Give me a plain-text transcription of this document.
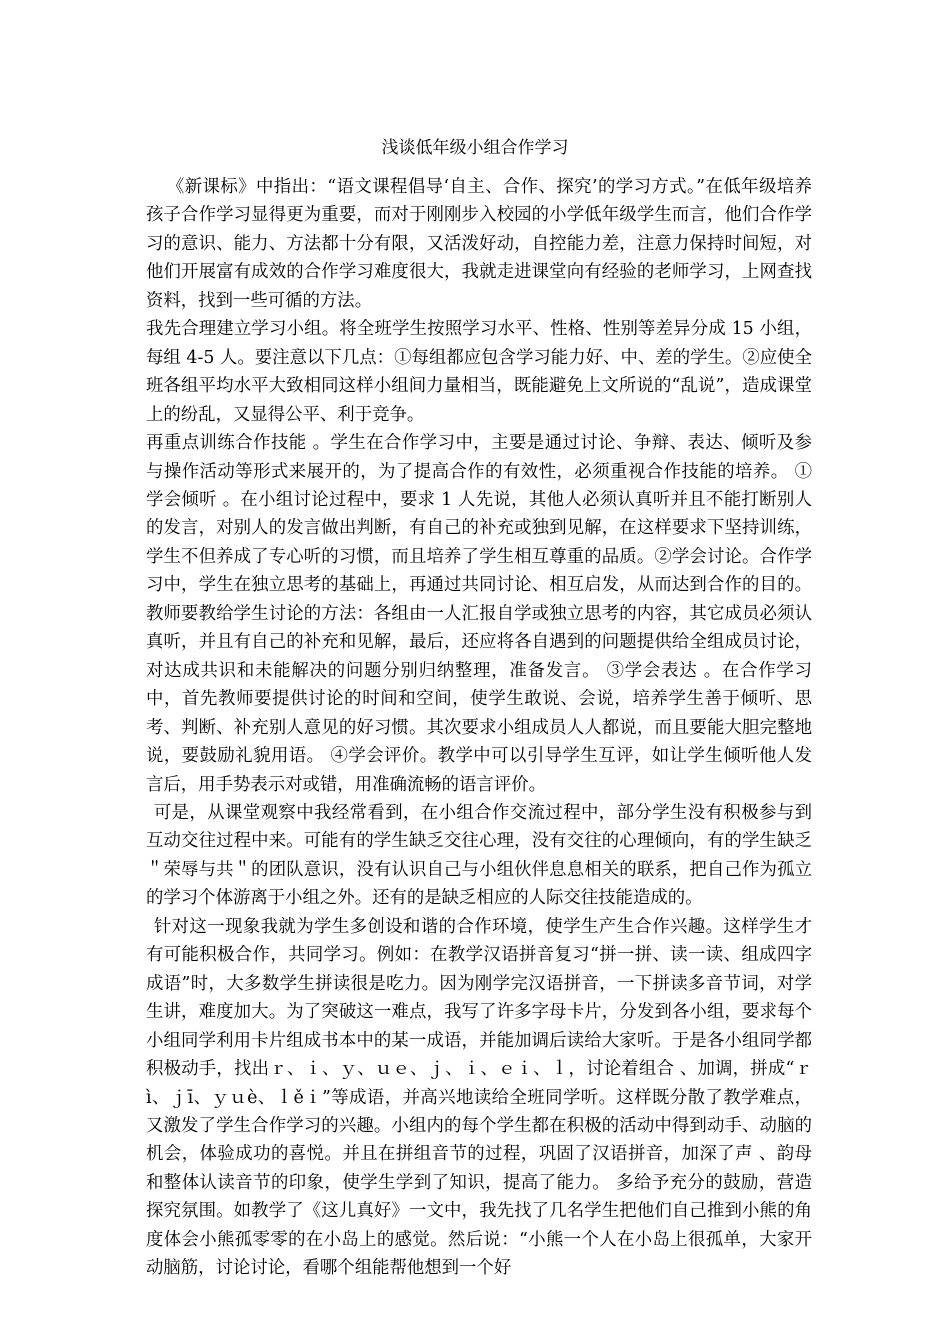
浅谈低年级小组合作学习

《新课标》中指出：“语文课程倡导‘自主、合作、探究’的学习方式。”在低年级培养孩子合作学习显得更为重要，而对于刚刚步入校园的小学低年级学生而言，他们合作学习的意识、能力、方法都十分有限，又活泼好动，自控能力差，注意力保持时间短，对他们开展富有成效的合作学习难度很大，我就走进课堂向有经验的老师学习，上网查找资料，找到一些可循的方法。

我先合理建立学习小组。将全班学生按照学习水平、性格、性别等差异分成 15 小组，每组 4-5 人。要注意以下几点：①每组都应包含学习能力好、中、差的学生。②应使全班各组平均水平大致相同这样小组间力量相当，既能避免上文所说的“乱说”，造成课堂上的纷乱，又显得公平、利于竞争。

再重点训练合作技能 。学生在合作学习中，主要是通过讨论、争辩、表达、倾听及参与操作活动等形式来展开的，为了提高合作的有效性，必须重视合作技能的培养。 ①学会倾听 。在小组讨论过程中，要求 1 人先说，其他人必须认真听并且不能打断别人的发言，对别人的发言做出判断，有自己的补充或独到见解，在这样要求下坚持训练，学生不但养成了专心听的习惯，而且培养了学生相互尊重的品质。②学会讨论。合作学习中，学生在独立思考的基础上，再通过共同讨论、相互启发，从而达到合作的目的。教师要教给学生讨论的方法：各组由一人汇报自学或独立思考的内容，其它成员必须认真听，并且有自己的补充和见解，最后，还应将各自遇到的问题提供给全组成员讨论，对达成共识和未能解决的问题分别归纳整理，准备发言。 ③学会表达 。在合作学习中，首先教师要提供讨论的时间和空间，使学生敢说、会说，培养学生善于倾听、思考、判断、补充别人意见的好习惯。其次要求小组成员人人都说，而且要能大胆完整地说，要鼓励礼貌用语。 ④学会评价。教学中可以引导学生互评，如让学生倾听他人发言后，用手势表示对或错，用准确流畅的语言评价。

可是，从课堂观察中我经常看到，在小组合作交流过程中，部分学生没有积极参与到互动交往过程中来。可能有的学生缺乏交往心理，没有交往的心理倾向，有的学生缺乏＂荣辱与共＂的团队意识，没有认识自己与小组伙伴息息相关的联系，把自己作为孤立的学习个体游离于小组之外。还有的是缺乏相应的人际交往技能造成的。

针对这一现象我就为学生多创设和谐的合作环境，使学生产生合作兴趣。这样学生才有可能积极合作，共同学习。例如：在教学汉语拼音复习“拼一拼、读一读、组成四字成语”时，大多数学生拼读很是吃力。因为刚学完汉语拼音，一下拼读多音节词，对学生讲，难度加大。为了突破这一难点，我写了许多字母卡片，分发到各小组，要求每个小组同学利用卡片组成书本中的某一成语，并能加调后读给大家听。于是各小组同学都积极动手，找出ｒ、ｉ、ｙ、ｕｅ、ｊ、ｉ、ｅｉ、ｌ，讨论着组合 、加调，拼成“ｒì、ｊī、ｙｕè、ｌěｉ”等成语，并高兴地读给全班同学听。这样既分散了教学难点，又激发了学生合作学习的兴趣。小组内的每个学生都在积极的活动中得到动手、动脑的机会，体验成功的喜悦。并且在拼组音节的过程，巩固了汉语拼音，加深了声 、韵母和整体认读音节的印象，使学生学到了知识，提高了能力。 多给予充分的鼓励，营造探究氛围。如教学了《这儿真好》一文中，我先找了几名学生把他们自己推到小熊的角度体会小熊孤零零的在小岛上的感觉。然后说：“小熊一个人在小岛上很孤单，大家开动脑筋，讨论讨论，看哪个组能帮他想到一个好
